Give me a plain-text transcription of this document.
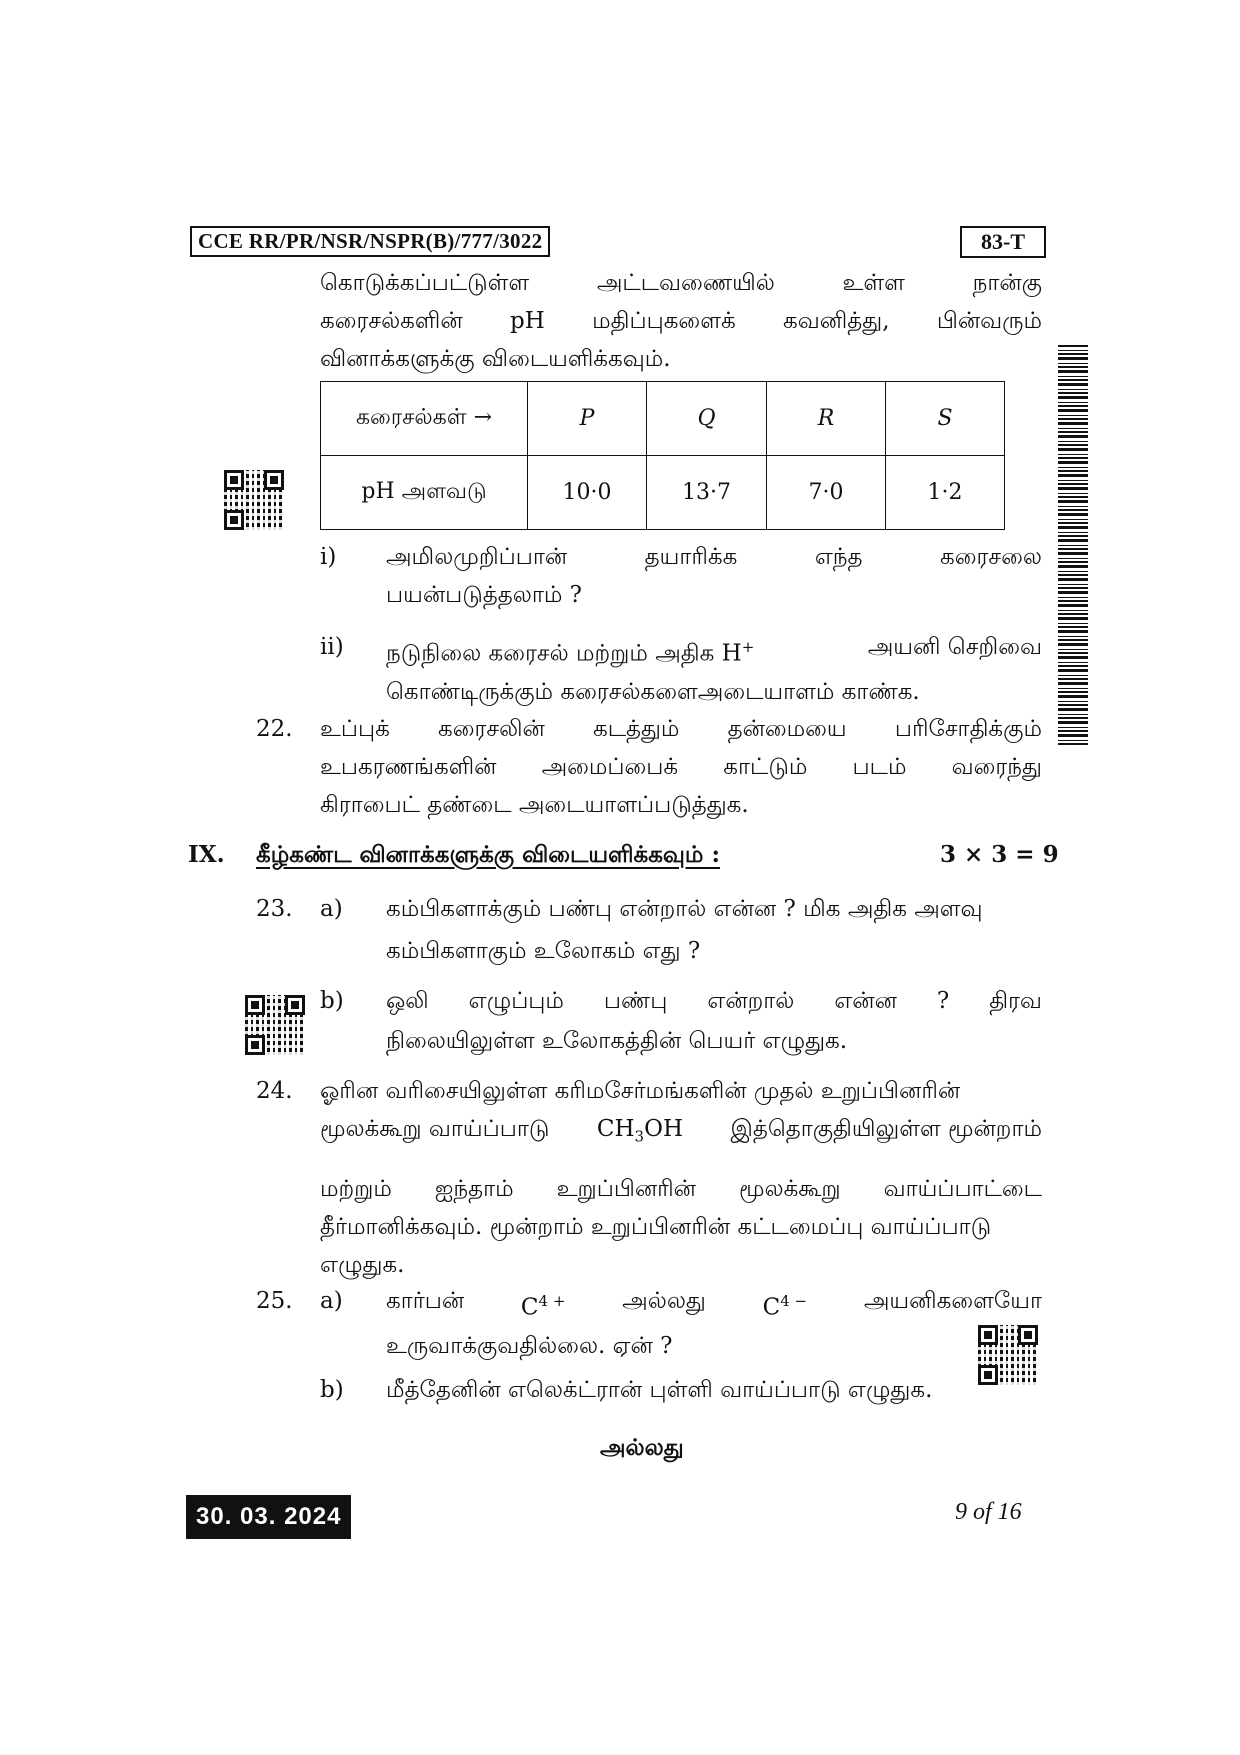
CCE RR/PR/NSR/NSPR(B)/777/3022	83-T
கொடுக்கப்பட்டுள்ள	அட்டவணையில்	உள்ள	நான்கு
கரைசல்களின் pH மதிப்புகளைக் கவனித்து, பின்வரும்
வினாக்களுக்கு விடையளிக்கவும்.
கரைசல்கள் →	P	Q	R	S
pH அளவடு	10·0	13·7	7·0	1·2
i) அமிலமுறிப்பான்	தயாரிக்க	எந்த	கரைசலை
பயன்படுத்தலாம் ?
ii) நடுநிலை கரைசல் மற்றும் அதிக H+	அயனி செறிவை
கொண்டிருக்கும் கரைசல்களைஅடையாளம் காண்க.
22. உப்புக் கரைசலின் கடத்தும் தன்மையை பரிசோதிக்கும்
உபகரணங்களின் அமைப்பைக் காட்டும் படம் வரைந்து
கிராபைட் தண்டை அடையாளப்படுத்துக.
IX. கீழ்கண்ட வினாக்களுக்கு விடையளிக்கவும் :	3 × 3 = 9
23. a) கம்பிகளாக்கும் பண்பு என்றால் என்ன ? மிக அதிக அளவு
கம்பிகளாகும் உலோகம் எது ?
b) ஒலி எழுப்பும் பண்பு என்றால் என்ன ? திரவ
நிலையிலுள்ள உலோகத்தின் பெயர் எழுதுக.
24. ஓரின வரிசையிலுள்ள கரிமசேர்மங்களின் முதல் உறுப்பினரின்
மூலக்கூறு வாய்ப்பாடு $CH_3OH$ இத்தொகுதியிலுள்ள மூன்றாம்
மற்றும் ஐந்தாம் உறுப்பினரின் மூலக்கூறு வாய்ப்பாட்டை
தீர்மானிக்கவும். மூன்றாம் உறுப்பினரின் கட்டமைப்பு வாய்ப்பாடு
எழுதுக.
25. a) கார்பன் $C^{4 +}$ அல்லது $C^{4 -}$ அயனிகளையோ
உருவாக்குவதில்லை. ஏன் ?
b) மீத்தேனின் எலெக்ட்ரான் புள்ளி வாய்ப்பாடு எழுதுக.
அல்லது
30. 03. 2024	9 of 16
